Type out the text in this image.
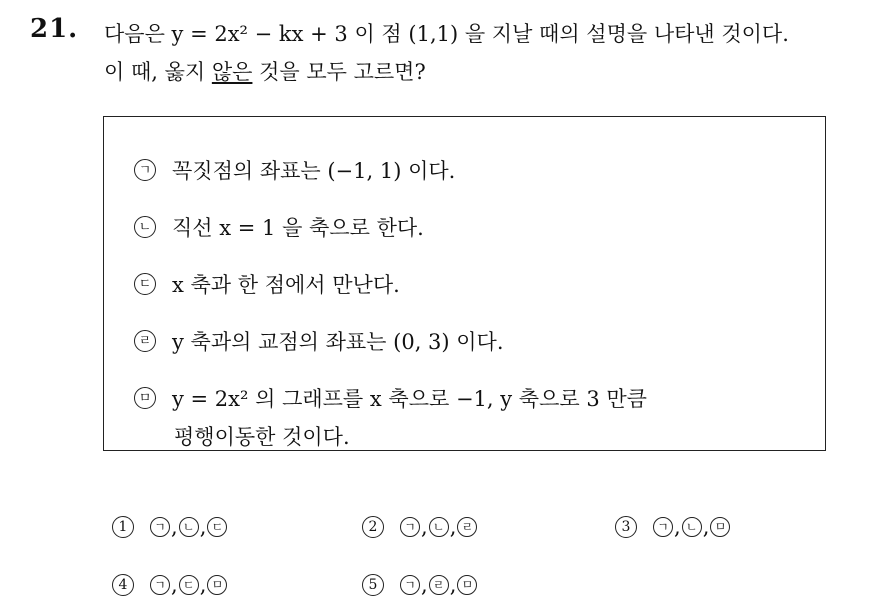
21. 다음은 y = 2x² − kx + 3 이 점 (1,1) 을 지날 때의 설명을 나타낸 것이다.
이 때, 옳지 않은 것을 모두 고르면?
ㄱ 꼭짓점의 좌표는 (−1, 1) 이다.
ㄴ 직선 x = 1 을 축으로 한다.
ㄷ x 축과 한 점에서 만난다.
ㄹ y 축과의 교점의 좌표는 (0, 3) 이다.
ㅁ y = 2x² 의 그래프를 x 축으로 −1, y 축으로 3 만큼
평행이동한 것이다.
1	ㄱ , ㄴ , ㄷ	2	ㄱ , ㄴ , ㄹ	3	ㄱ , ㄴ , ㅁ
4	ㄱ , ㄷ , ㅁ	5	ㄱ , ㄹ , ㅁ
